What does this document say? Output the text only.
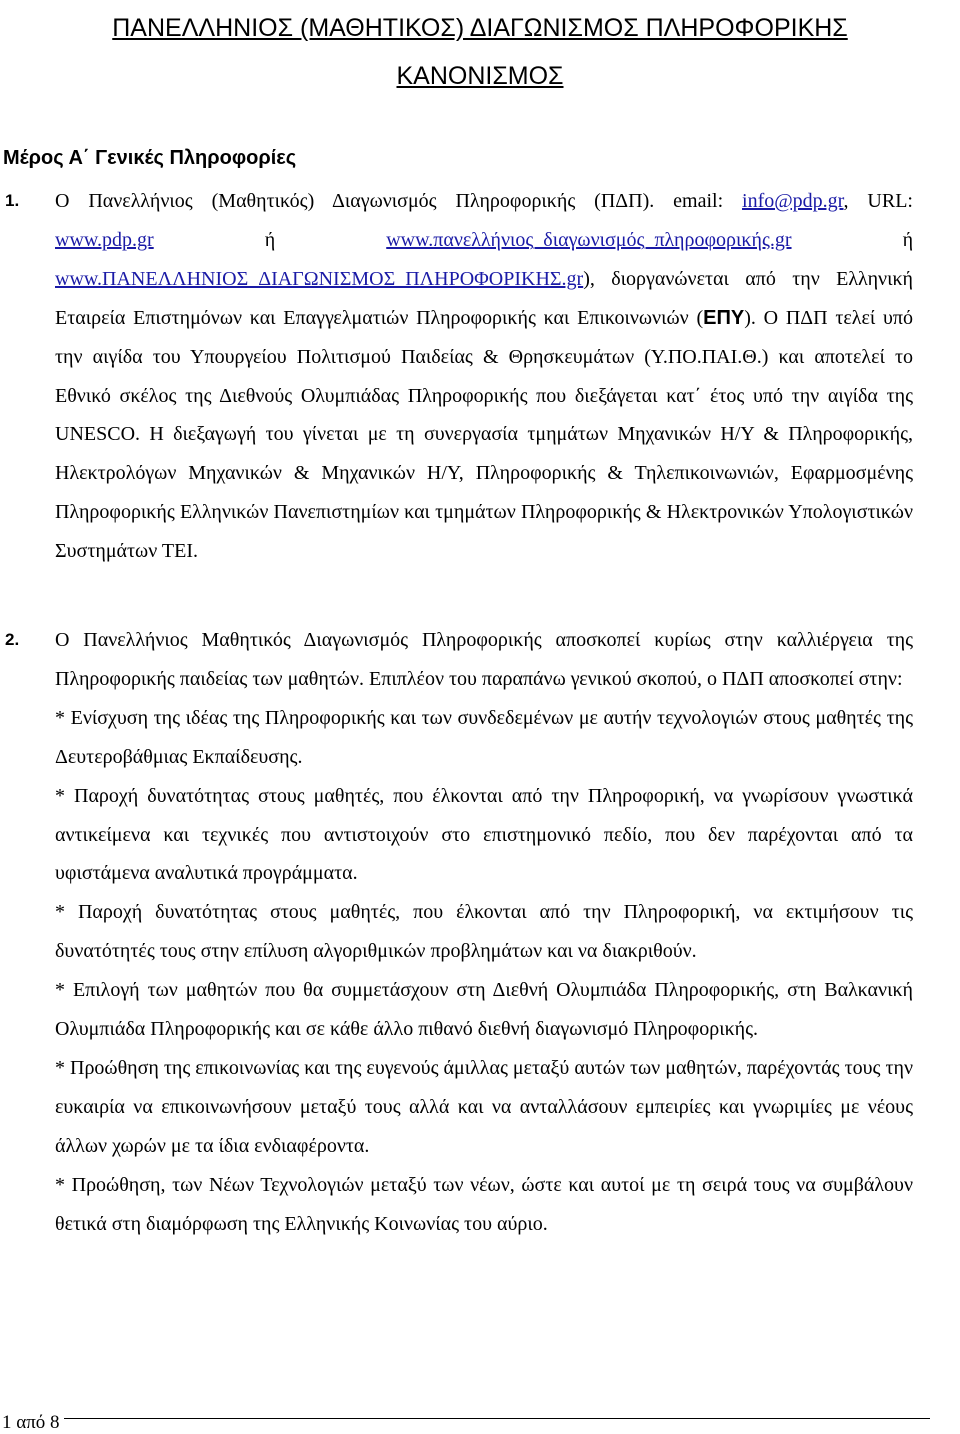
ΠΑΝΕΛΛΗΝΙΟΣ (ΜΑΘΗΤΙΚΟΣ) ΔΙΑΓΩΝΙΣΜΟΣ ΠΛΗΡΟΦΟΡΙΚΗΣ
ΚΑΝΟΝΙΣΜΟΣ
Μέρος Α΄ Γενικές Πληροφορίες
1. Ο Πανελλήνιος (Μαθητικός) Διαγωνισμός Πληροφορικής (ΠΔΠ). email: info@pdp.gr, URL:
www.pdp.gr	ή	www.πανελλήνιος_διαγωνισμός_πληροφορικής.gr	ή
www.ΠΑΝΕΛΛΗΝΙΟΣ_ΔΙΑΓΩΝΙΣΜΟΣ_ΠΛΗΡΟΦΟΡΙΚΗΣ.gr), διοργανώνεται από την Ελληνική Εταιρεία Επιστημόνων και Επαγγελματιών Πληροφορικής και Επικοινωνιών (ΕΠΥ). Ο ΠΔΠ τελεί υπό την αιγίδα του Υπουργείου Πολιτισμού Παιδείας & Θρησκευμάτων (Υ.ΠΟ.ΠΑΙ.Θ.) και αποτελεί το Εθνικό σκέλος της Διεθνούς Ολυμπιάδας Πληροφορικής που διεξάγεται κατ΄ έτος υπό την αιγίδα της UNESCO. Η διεξαγωγή του γίνεται με τη συνεργασία τμημάτων Μηχανικών Η/Υ & Πληροφορικής, Ηλεκτρολόγων Μηχανικών & Μηχανικών Η/Υ, Πληροφορικής & Τηλεπικοινωνιών, Εφαρμοσμένης Πληροφορικής Ελληνικών Πανεπιστημίων και τμημάτων Πληροφορικής & Ηλεκτρονικών Υπολογιστικών Συστημάτων ΤΕΙ.

2. Ο Πανελλήνιος Μαθητικός Διαγωνισμός Πληροφορικής αποσκοπεί κυρίως στην καλλιέργεια της Πληροφορικής παιδείας των μαθητών. Επιπλέον του παραπάνω γενικού σκοπού, ο ΠΔΠ αποσκοπεί στην:
* Ενίσχυση της ιδέας της Πληροφορικής και των συνδεδεμένων με αυτήν τεχνολογιών στους μαθητές της Δευτεροβάθμιας Εκπαίδευσης.
* Παροχή δυνατότητας στους μαθητές, που έλκονται από την Πληροφορική, να γνωρίσουν γνωστικά αντικείμενα και τεχνικές που αντιστοιχούν στο επιστημονικό πεδίο, που δεν παρέχονται από τα υφιστάμενα αναλυτικά προγράμματα.
* Παροχή δυνατότητας στους μαθητές, που έλκονται από την Πληροφορική, να εκτιμήσουν τις δυνατότητές τους στην επίλυση αλγοριθμικών προβλημάτων και να διακριθούν.
* Επιλογή των μαθητών που θα συμμετάσχουν στη Διεθνή Ολυμπιάδα Πληροφορικής, στη Βαλκανική Ολυμπιάδα Πληροφορικής και σε κάθε άλλο πιθανό διεθνή διαγωνισμό Πληροφορικής.
* Προώθηση της επικοινωνίας και της ευγενούς άμιλλας μεταξύ αυτών των μαθητών, παρέχοντάς τους την ευκαιρία να επικοινωνήσουν μεταξύ τους αλλά και να ανταλλάσουν εμπειρίες και γνωριμίες με νέους άλλων χωρών με τα ίδια ενδιαφέροντα.
* Προώθηση, των Νέων Τεχνολογιών μεταξύ των νέων, ώστε και αυτοί με τη σειρά τους να συμβάλουν θετικά στη διαμόρφωση της Ελληνικής Κοινωνίας του αύριο.

1 από 8
